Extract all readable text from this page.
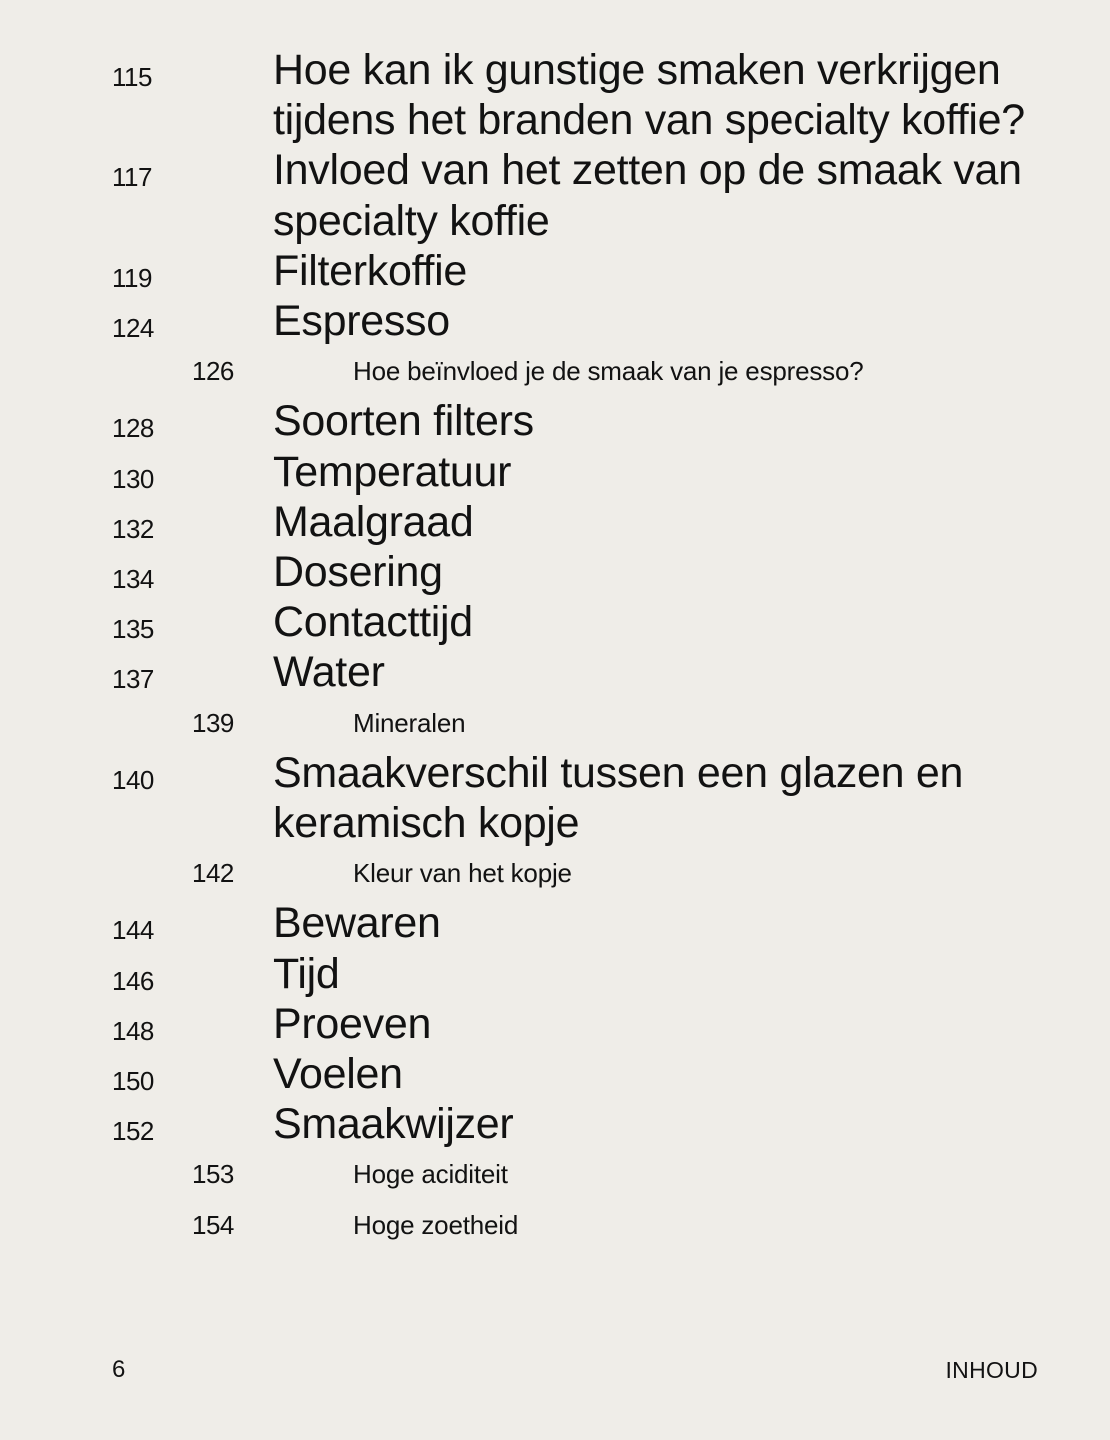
115	Hoe kan ik gunstige smaken verkrijgen tijdens het branden van specialty koffie?
117	Invloed van het zetten op de smaak van specialty koffie
119	Filterkoffie
124	Espresso
126	Hoe beïnvloed je de smaak van je espresso?
128	Soorten filters
130	Temperatuur
132	Maalgraad
134	Dosering
135	Contacttijd
137	Water
139	Mineralen
140	Smaakverschil tussen een glazen en keramisch kopje
142	Kleur van het kopje
144	Bewaren
146	Tijd
148	Proeven
150	Voelen
152	Smaakwijzer
153	Hoge aciditeit
154	Hoge zoetheid
6	INHOUD
